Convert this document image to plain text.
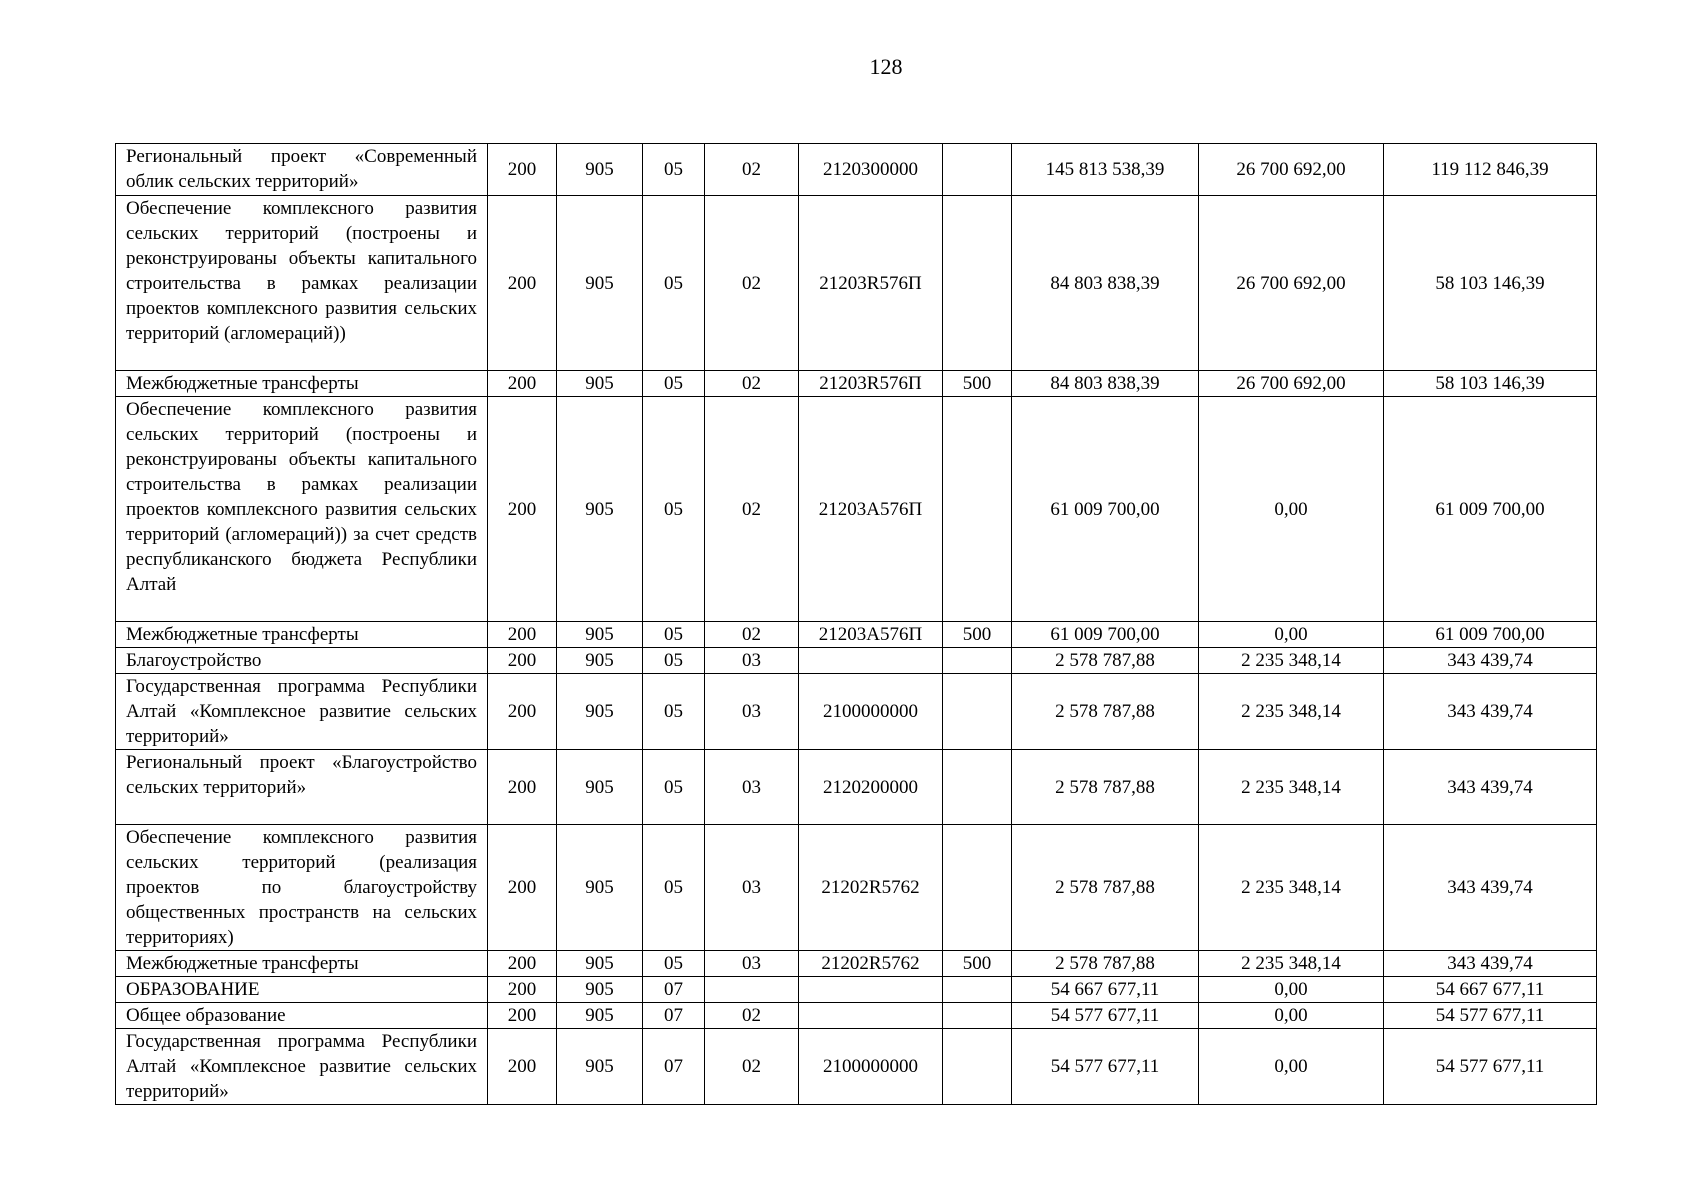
128
Региональный проект «Современный облик сельских территорий»	200	905	05	02	2120300000		145 813 538,39	26 700 692,00	119 112 846,39
Обеспечение комплексного развития сельских территорий (построены и реконструированы объекты капитального строительства в рамках реализации проектов комплексного развития сельских территорий (агломераций))	200	905	05	02	21203R576П		84 803 838,39	26 700 692,00	58 103 146,39
Межбюджетные трансферты	200	905	05	02	21203R576П	500	84 803 838,39	26 700 692,00	58 103 146,39
Обеспечение комплексного развития сельских территорий (построены и реконструированы объекты капитального строительства в рамках реализации проектов комплексного развития сельских территорий (агломераций)) за счет средств республиканского бюджета Республики Алтай	200	905	05	02	21203A576П		61 009 700,00	0,00	61 009 700,00
Межбюджетные трансферты	200	905	05	02	21203A576П	500	61 009 700,00	0,00	61 009 700,00
Благоустройство	200	905	05	03			2 578 787,88	2 235 348,14	343 439,74
Государственная программа Республики Алтай «Комплексное развитие сельских территорий»	200	905	05	03	2100000000		2 578 787,88	2 235 348,14	343 439,74
Региональный проект «Благоустройство сельских территорий»	200	905	05	03	2120200000		2 578 787,88	2 235 348,14	343 439,74
Обеспечение комплексного развития сельских территорий (реализация проектов по благоустройству общественных пространств на сельских территориях)	200	905	05	03	21202R5762		2 578 787,88	2 235 348,14	343 439,74
Межбюджетные трансферты	200	905	05	03	21202R5762	500	2 578 787,88	2 235 348,14	343 439,74
ОБРАЗОВАНИЕ	200	905	07				54 667 677,11	0,00	54 667 677,11
Общее образование	200	905	07	02			54 577 677,11	0,00	54 577 677,11
Государственная программа Республики Алтай «Комплексное развитие сельских территорий»	200	905	07	02	2100000000		54 577 677,11	0,00	54 577 677,11
